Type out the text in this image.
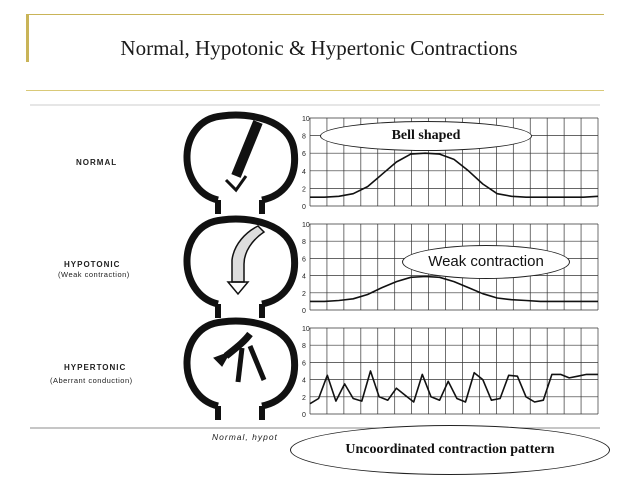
Normal, Hypotonic & Hypertonic Contractions
NORMAL
HYPOTONIC
(Weak contraction)
HYPERTONIC
(Aberrant conduction)
0
2
4
6
8
10
0
2
4
6
8
10
0
2
4
6
8
10
Normal, hypot
Bell shaped
Weak contraction
Uncoordinated contraction pattern
